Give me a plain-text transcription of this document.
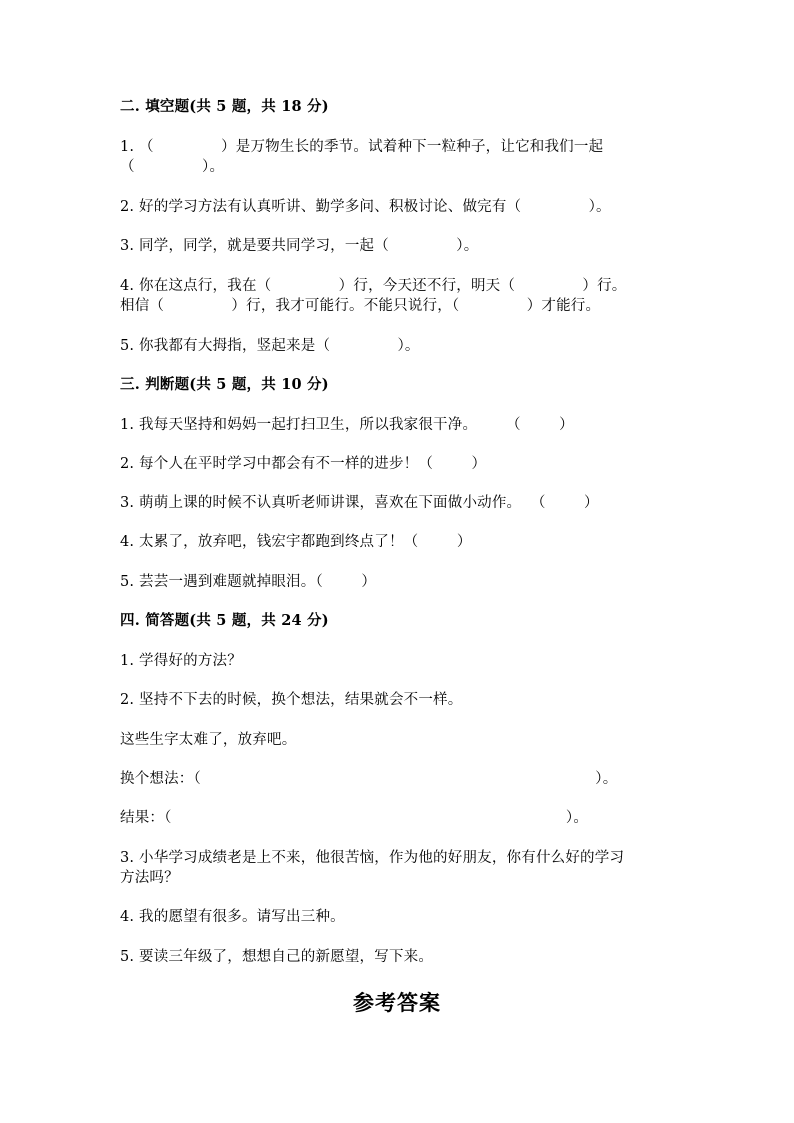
二. 填空题(共 5 题，共 18 分)
1. （              ）是万物生长的季节。试着种下一粒种子，让它和我们一起
（              ）。
2. 好的学习方法有认真听讲、勤学多问、积极讨论、做完有（              ）。
3. 同学，同学，就是要共同学习，一起（              ）。
4. 你在这点行，我在（              ）行，今天还不行，明天（              ）行。
相信（              ）行，我才可能行。不能只说行，（              ）才能行。
5. 你我都有大拇指，竖起来是（              ）。
三. 判断题(共 5 题，共 10 分)
1. 我每天坚持和妈妈一起打扫卫生，所以我家很干净。      （        ）
2. 每个人在平时学习中都会有不一样的进步！（        ）
3. 萌萌上课的时候不认真听老师讲课，喜欢在下面做小动作。  （        ）
4. 太累了，放弃吧，钱宏宇都跑到终点了！（        ）
5. 芸芸一遇到难题就掉眼泪。（        ）
四. 简答题(共 5 题，共 24 分)
1. 学得好的方法？
2. 坚持不下去的时候，换个想法，结果就会不一样。
这些生字太难了，放弃吧。
换个想法：（                                                                                  ）。
结果：（                                                                                  ）。
3. 小华学习成绩老是上不来，他很苦恼，作为他的好朋友，你有什么好的学习
方法吗？
4. 我的愿望有很多。请写出三种。
5. 要读三年级了，想想自己的新愿望，写下来。
参考答案
